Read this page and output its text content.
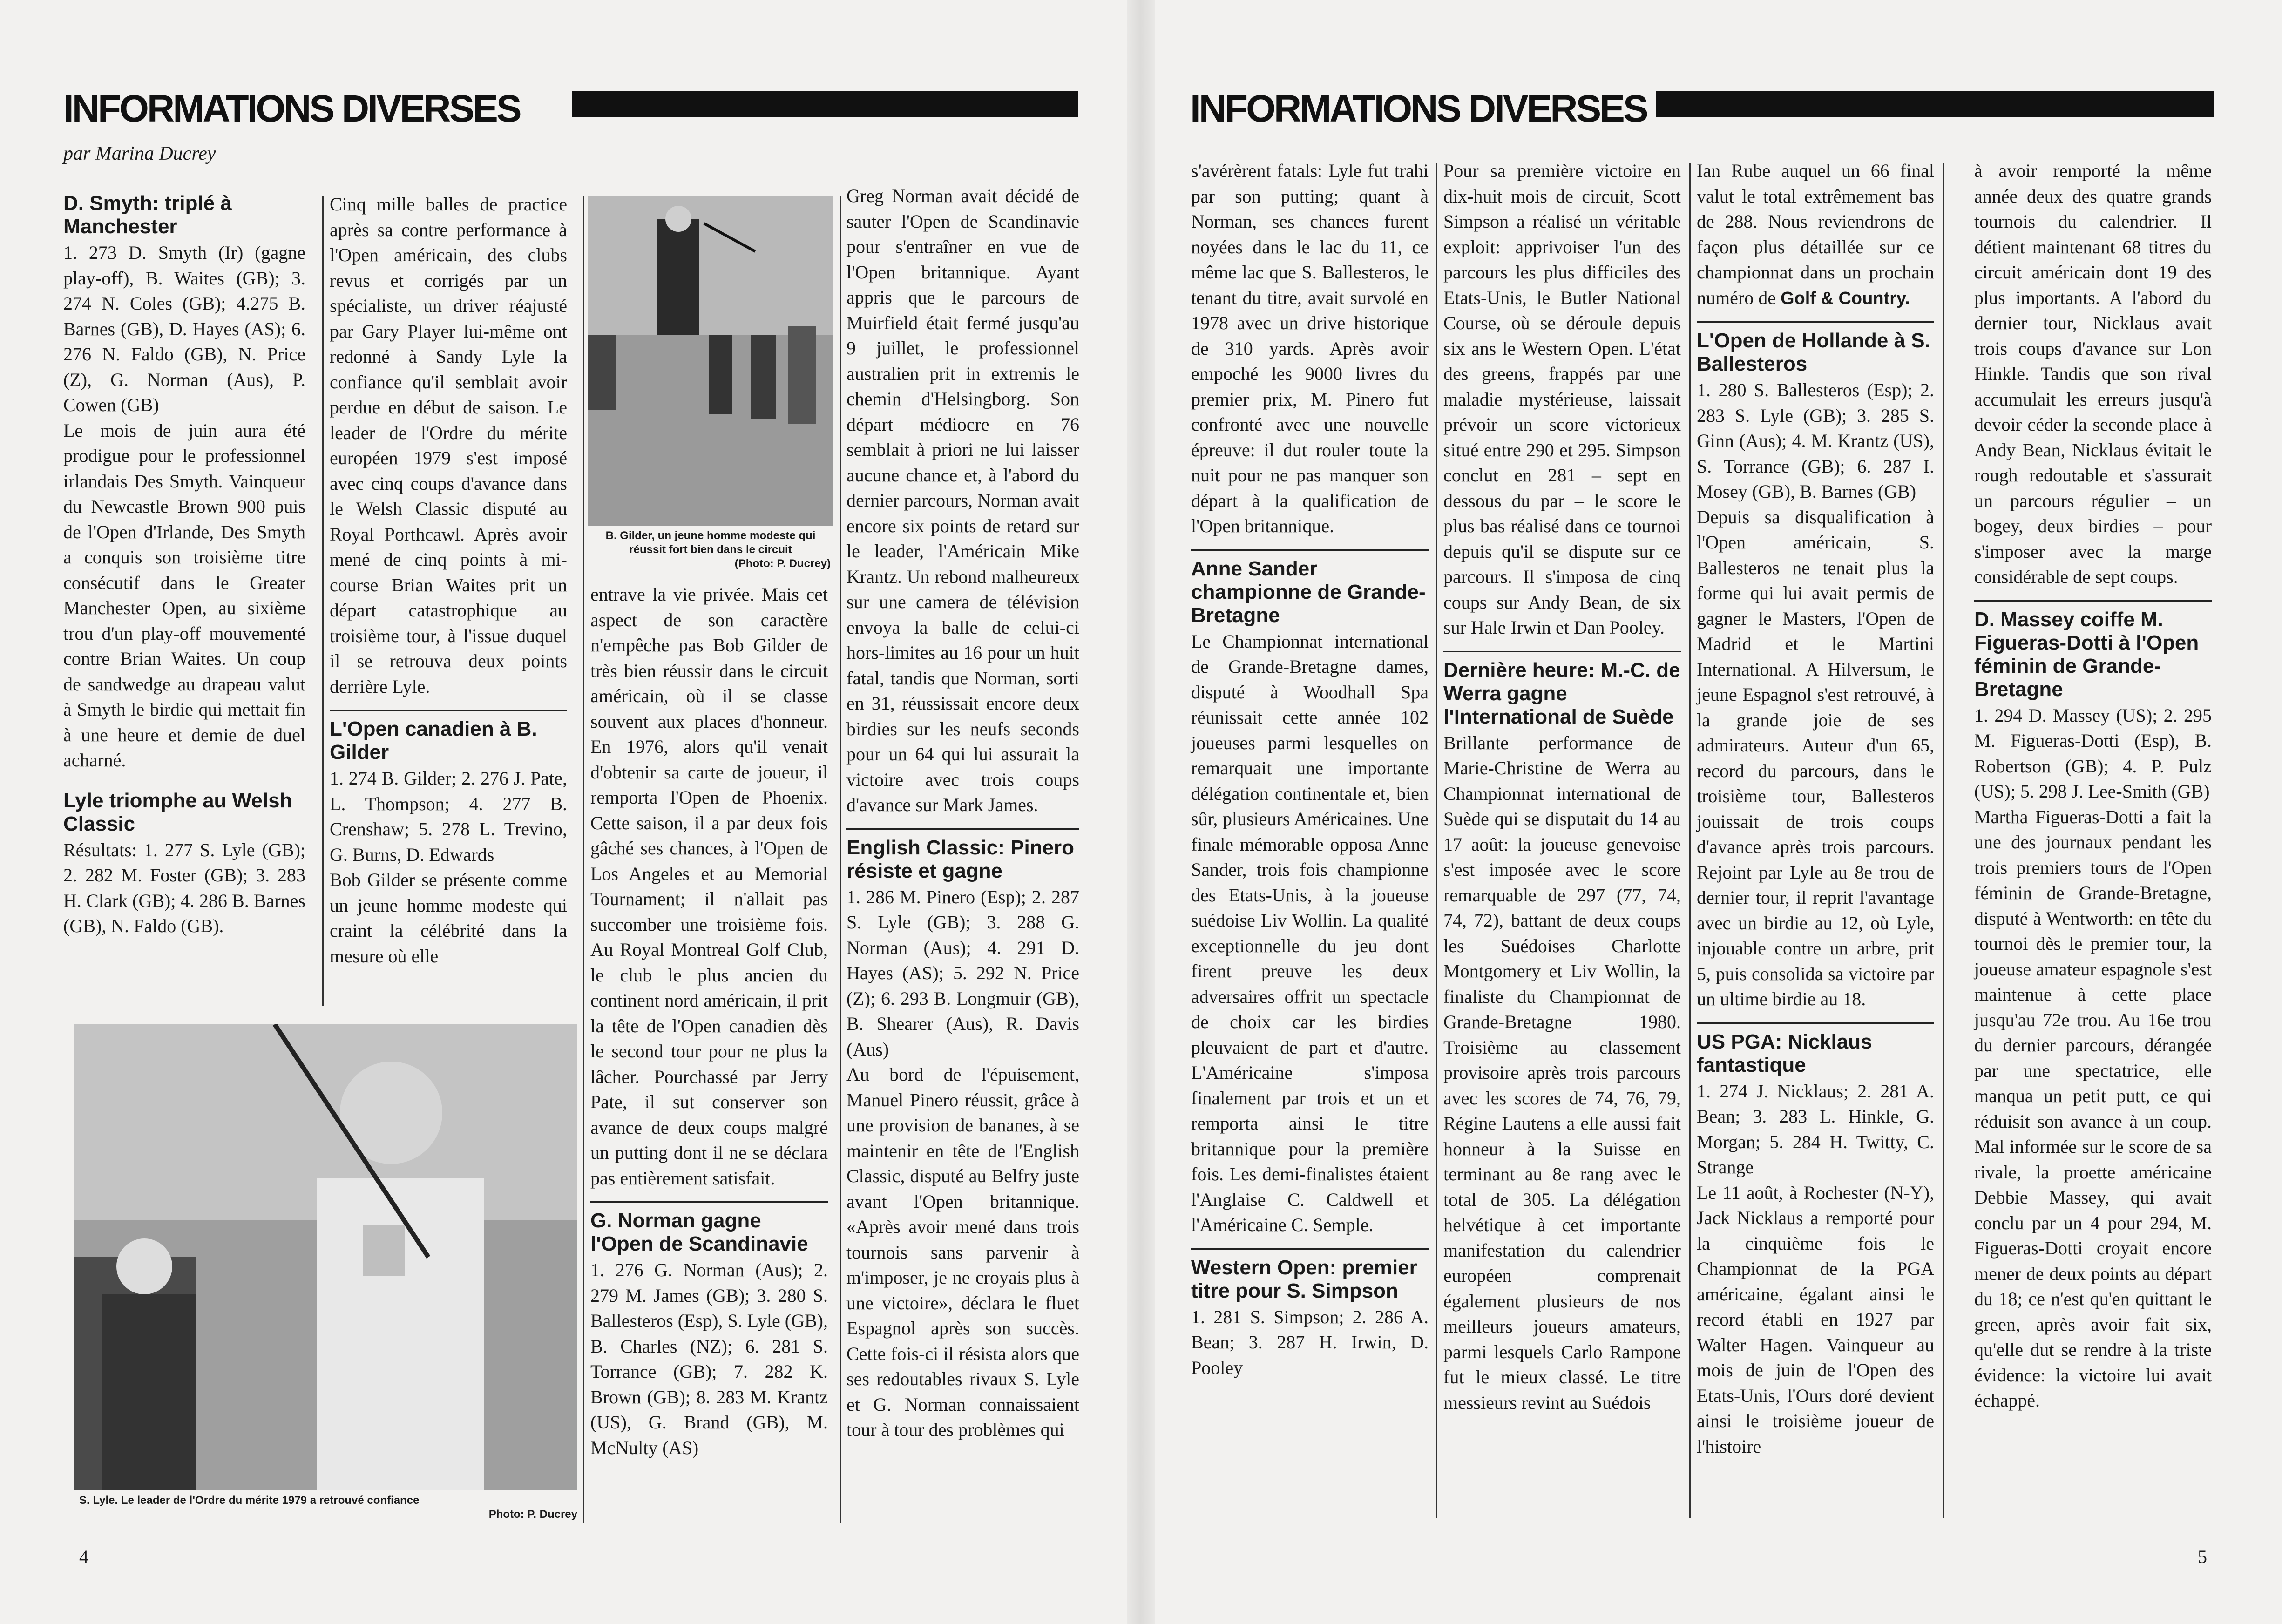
INFORMATIONS DIVERSES
par Marina Ducrey
D. Smyth: triplé à Manchester

1. 273 D. Smyth (Ir) (gagne play-off), B. Waites (GB); 3. 274 N. Coles (GB); 4.275 B. Barnes (GB), D. Hayes (AS); 6. 276 N. Faldo (GB), N. Price (Z), G. Norman (Aus), P. Cowen (GB)

Le mois de juin aura été prodigue pour le professionnel irlandais Des Smyth. Vainqueur du Newcastle Brown 900 puis de l'Open d'Irlande, Des Smyth a conquis son troisième titre consécutif dans le Greater Manchester Open, au sixième trou d'un play-off mouvementé contre Brian Waites. Un coup de sandwedge au drapeau valut à Smyth le birdie qui mettait fin à une heure et demie de duel acharné.

Lyle triomphe au Welsh Classic

Résultats: 1. 277 S. Lyle (GB); 2. 282 M. Foster (GB); 3. 283 H. Clark (GB); 4. 286 B. Barnes (GB), N. Faldo (GB).

Cinq mille balles de practice après sa contre performance à l'Open américain, des clubs revus et corrigés par un spécialiste, un driver réajusté par Gary Player lui-même ont redonné à Sandy Lyle la confiance qu'il semblait avoir perdue en début de saison. Le leader de l'Ordre du mérite européen 1979 s'est imposé avec cinq coups d'avance dans le Welsh Classic disputé au Royal Porthcawl. Après avoir mené de cinq points à mi-course Brian Waites prit un départ catastrophique au troisième tour, à l'issue duquel il se retrouva deux points derrière Lyle.

L'Open canadien à B. Gilder

1. 274 B. Gilder; 2. 276 J. Pate, L. Thompson; 4. 277 B. Crenshaw; 5. 278 L. Trevino, G. Burns, D. Edwards

Bob Gilder se présente comme un jeune homme modeste qui craint la célébrité dans la mesure où elle

entrave la vie privée. Mais cet aspect de son caractère n'empêche pas Bob Gilder de très bien réussir dans le circuit américain, où il se classe souvent aux places d'honneur. En 1976, alors qu'il venait d'obtenir sa carte de joueur, il remporta l'Open de Phoenix. Cette saison, il a par deux fois gâché ses chances, à l'Open de Los Angeles et au Memorial Tournament; il n'allait pas succomber une troisième fois. Au Royal Montreal Golf Club, le club le plus ancien du continent nord américain, il prit la tête de l'Open canadien dès le second tour pour ne plus la lâcher. Pourchassé par Jerry Pate, il sut conserver son avance de deux coups malgré un putting dont il ne se déclara pas entièrement satisfait.

G. Norman gagne l'Open de Scandinavie

1. 276 G. Norman (Aus); 2. 279 M. James (GB); 3. 280 S. Ballesteros (Esp), S. Lyle (GB), B. Charles (NZ); 6. 281 S. Torrance (GB); 7. 282 K. Brown (GB); 8. 283 M. Krantz (US), G. Brand (GB), M. McNulty (AS)

Greg Norman avait décidé de sauter l'Open de Scandinavie pour s'entraîner en vue de l'Open britannique. Ayant appris que le parcours de Muirfield était fermé jusqu'au 9 juillet, le professionnel australien prit in extremis le chemin d'Helsingborg. Son départ médiocre en 76 semblait à priori ne lui laisser aucune chance et, à l'abord du dernier parcours, Norman avait encore six points de retard sur le leader, l'Américain Mike Krantz. Un rebond malheureux sur une camera de télévision envoya la balle de celui-ci hors-limites au 16 pour un huit fatal, tandis que Norman, sorti en 31, réussissait encore deux birdies sur les neufs seconds pour un 64 qui lui assurait la victoire avec trois coups d'avance sur Mark James.

English Classic: Pinero résiste et gagne

1. 286 M. Pinero (Esp); 2. 287 S. Lyle (GB); 3. 288 G. Norman (Aus); 4. 291 D. Hayes (AS); 5. 292 N. Price (Z); 6. 293 B. Longmuir (GB), B. Shearer (Aus), R. Davis (Aus)

Au bord de l'épuisement, Manuel Pinero réussit, grâce à une provision de bananes, à se maintenir en tête de l'English Classic, disputé au Belfry juste avant l'Open britannique. «Après avoir mené dans trois tournois sans parvenir à m'imposer, je ne croyais plus à une victoire», déclara le fluet Espagnol après son succès. Cette fois-ci il résista alors que ses redoutables rivaux S. Lyle et G. Norman connaissaient tour à tour des problèmes qui

B. Gilder, un jeune homme modeste qui réussit fort bien dans le circuit

(Photo: P. Ducrey)
S. Lyle. Le leader de l'Ordre du mérite 1979 a retrouvé confiance

Photo: P. Ducrey
4
INFORMATIONS DIVERSES

s'avérèrent fatals: Lyle fut trahi par son putting; quant à Norman, ses chances furent noyées dans le lac du 11, ce même lac que S. Ballesteros, le tenant du titre, avait survolé en 1978 avec un drive historique de 310 yards. Après avoir empoché les 9000 livres du premier prix, M. Pinero fut confronté avec une nouvelle épreuve: il dut rouler toute la nuit pour ne pas manquer son départ à la qualification de l'Open britannique.

Anne Sander championne de Grande-Bretagne

Le Championnat international de Grande-Bretagne dames, disputé à Woodhall Spa réunissait cette année 102 joueuses parmi lesquelles on remarquait une importante délégation continentale et, bien sûr, plusieurs Américaines. Une finale mémorable opposa Anne Sander, trois fois championne des Etats-Unis, à la joueuse suédoise Liv Wollin. La qualité exceptionnelle du jeu dont firent preuve les deux adversaires offrit un spectacle de choix car les birdies pleuvaient de part et d'autre. L'Américaine s'imposa finalement par trois et un et remporta ainsi le titre britannique pour la première fois. Les demi-finalistes étaient l'Anglaise C. Caldwell et l'Américaine C. Semple.

Western Open: premier titre pour S. Simpson

1. 281 S. Simpson; 2. 286 A. Bean; 3. 287 H. Irwin, D. Pooley

Pour sa première victoire en dix-huit mois de circuit, Scott Simpson a réalisé un véritable exploit: apprivoiser l'un des parcours les plus difficiles des Etats-Unis, le Butler National Course, où se déroule depuis six ans le Western Open. L'état des greens, frappés par une maladie mystérieuse, laissait prévoir un score victorieux situé entre 290 et 295. Simpson conclut en 281 – sept en dessous du par – le score le plus bas réalisé dans ce tournoi depuis qu'il se dispute sur ce parcours. Il s'imposa de cinq coups sur Andy Bean, de six sur Hale Irwin et Dan Pooley.

Dernière heure: M.-C. de Werra gagne l'International de Suède

Brillante performance de Marie-Christine de Werra au Championnat international de Suède qui se disputait du 14 au 17 août: la joueuse genevoise s'est imposée avec le score remarquable de 297 (77, 74, 74, 72), battant de deux coups les Suédoises Charlotte Montgomery et Liv Wollin, la finaliste du Championnat de Grande-Bretagne 1980. Troisième au classement provisoire après trois parcours avec les scores de 74, 76, 79, Régine Lautens a elle aussi fait honneur à la Suisse en terminant au 8e rang avec le total de 305. La délégation helvétique à cet importante manifestation du calendrier européen comprenait également plusieurs de nos meilleurs joueurs amateurs, parmi lesquels Carlo Rampone fut le mieux classé. Le titre messieurs revint au Suédois

Ian Rube auquel un 66 final valut le total extrêmement bas de 288. Nous reviendrons de façon plus détaillée sur ce championnat dans un prochain numéro de Golf & Country.

L'Open de Hollande à S. Ballesteros

1. 280 S. Ballesteros (Esp); 2. 283 S. Lyle (GB); 3. 285 S. Ginn (Aus); 4. M. Krantz (US), S. Torrance (GB); 6. 287 I. Mosey (GB), B. Barnes (GB)

Depuis sa disqualification à l'Open américain, S. Ballesteros ne tenait plus la forme qui lui avait permis de gagner le Masters, l'Open de Madrid et le Martini International. A Hilversum, le jeune Espagnol s'est retrouvé, à la grande joie de ses admirateurs. Auteur d'un 65, record du parcours, dans le troisième tour, Ballesteros jouissait de trois coups d'avance après trois parcours. Rejoint par Lyle au 8e trou de dernier tour, il reprit l'avantage avec un birdie au 12, où Lyle, injouable contre un arbre, prit 5, puis consolida sa victoire par un ultime birdie au 18.

US PGA: Nicklaus fantastique

1. 274 J. Nicklaus; 2. 281 A. Bean; 3. 283 L. Hinkle, G. Morgan; 5. 284 H. Twitty, C. Strange

Le 11 août, à Rochester (N-Y), Jack Nicklaus a remporté pour la cinquième fois le Championnat de la PGA américaine, égalant ainsi le record établi en 1927 par Walter Hagen. Vainqueur au mois de juin de l'Open des Etats-Unis, l'Ours doré devient ainsi le troisième joueur de l'histoire

à avoir remporté la même année deux des quatre grands tournois du calendrier. Il détient maintenant 68 titres du circuit américain dont 19 des plus importants. A l'abord du dernier tour, Nicklaus avait trois coups d'avance sur Lon Hinkle. Tandis que son rival accumulait les erreurs jusqu'à devoir céder la seconde place à Andy Bean, Nicklaus évitait le rough redoutable et s'assurait un parcours régulier – un bogey, deux birdies – pour s'imposer avec la marge considérable de sept coups.

D. Massey coiffe M. Figueras-Dotti à l'Open féminin de Grande-Bretagne

1. 294 D. Massey (US); 2. 295 M. Figueras-Dotti (Esp), B. Robertson (GB); 4. P. Pulz (US); 5. 298 J. Lee-Smith (GB)

Martha Figueras-Dotti a fait la une des journaux pendant les trois premiers tours de l'Open féminin de Grande-Bretagne, disputé à Wentworth: en tête du tournoi dès le premier tour, la joueuse amateur espagnole s'est maintenue à cette place jusqu'au 72e trou. Au 16e trou du dernier parcours, dérangée par une spectatrice, elle manqua un petit putt, ce qui réduisit son avance à un coup. Mal informée sur le score de sa rivale, la proette américaine Debbie Massey, qui avait conclu par un 4 pour 294, M. Figueras-Dotti croyait encore mener de deux points au départ du 18; ce n'est qu'en quittant le green, après avoir fait six, qu'elle dut se rendre à la triste évidence: la victoire lui avait échappé.

5
